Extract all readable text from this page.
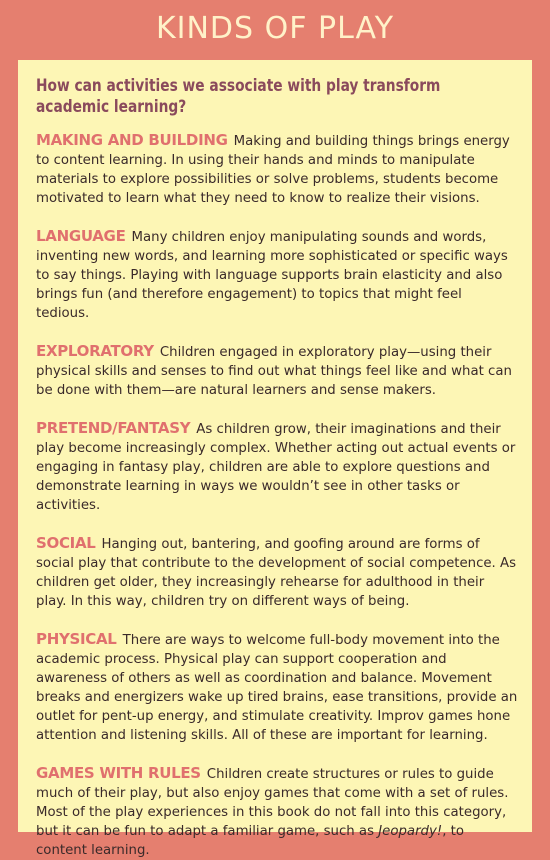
KINDS OF PLAY
How can activities we associate with play transform academic learning?
MAKING AND BUILDING Making and building things brings energy to content learning. In using their hands and minds to manipulate materials to explore possibilities or solve problems, students become motivated to learn what they need to know to realize their visions.
LANGUAGE Many children enjoy manipulating sounds and words, inventing new words, and learning more sophisticated or specific ways to say things. Playing with language supports brain elasticity and also brings fun (and therefore engagement) to topics that might feel tedious.
EXPLORATORY Children engaged in exploratory play—using their physical skills and senses to find out what things feel like and what can be done with them—are natural learners and sense makers.
PRETEND/FANTASY As children grow, their imaginations and their play become increasingly complex. Whether acting out actual events or engaging in fantasy play, children are able to explore questions and demonstrate learning in ways we wouldn’t see in other tasks or activities.
SOCIAL Hanging out, bantering, and goofing around are forms of social play that contribute to the development of social competence. As children get older, they increasingly rehearse for adulthood in their play. In this way, children try on different ways of being.
PHYSICAL There are ways to welcome full-body movement into the academic process. Physical play can support cooperation and awareness of others as well as coordination and balance. Movement breaks and energizers wake up tired brains, ease transitions, provide an outlet for pent-up energy, and stimulate creativity. Improv games hone attention and listening skills. All of these are important for learning.
GAMES WITH RULES Children create structures or rules to guide much of their play, but also enjoy games that come with a set of rules. Most of the play experiences in this book do not fall into this category, but it can be fun to adapt a familiar game, such as Jeopardy!, to content learning.
